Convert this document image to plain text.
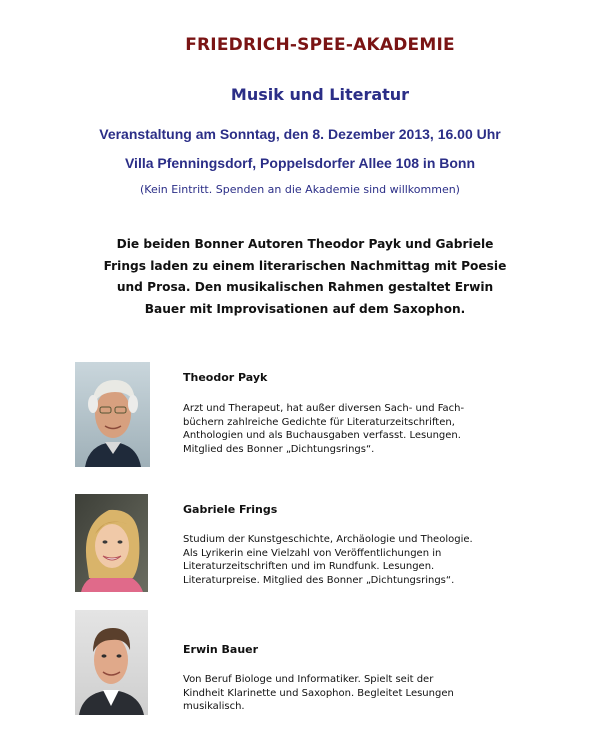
FRIEDRICH-SPEE-AKADEMIE
Musik und Literatur
Veranstaltung am Sonntag, den 8. Dezember 2013, 16.00 Uhr
Villa Pfenningsdorf, Poppelsdorfer Allee 108 in Bonn
(Kein Eintritt. Spenden an die Akademie sind willkommen)
Die beiden Bonner Autoren Theodor Payk und Gabriele
Frings laden zu einem literarischen Nachmittag mit Poesie
und Prosa. Den musikalischen Rahmen gestaltet Erwin
Bauer mit Improvisationen auf dem Saxophon.
Theodor Payk
Arzt und Therapeut, hat außer diversen Sach- und Fach-
büchern zahlreiche Gedichte für Literaturzeitschriften,
Anthologien und als Buchausgaben verfasst. Lesungen.
Mitglied des Bonner „Dichtungsrings“.
Gabriele Frings
Studium der Kunstgeschichte, Archäologie und Theologie.
Als Lyrikerin eine Vielzahl von Veröffentlichungen in
Literaturzeitschriften und im Rundfunk. Lesungen.
Literaturpreise. Mitglied des Bonner „Dichtungsrings“.
Erwin Bauer
Von Beruf Biologe und Informatiker. Spielt seit der
Kindheit Klarinette und Saxophon. Begleitet Lesungen
musikalisch.
